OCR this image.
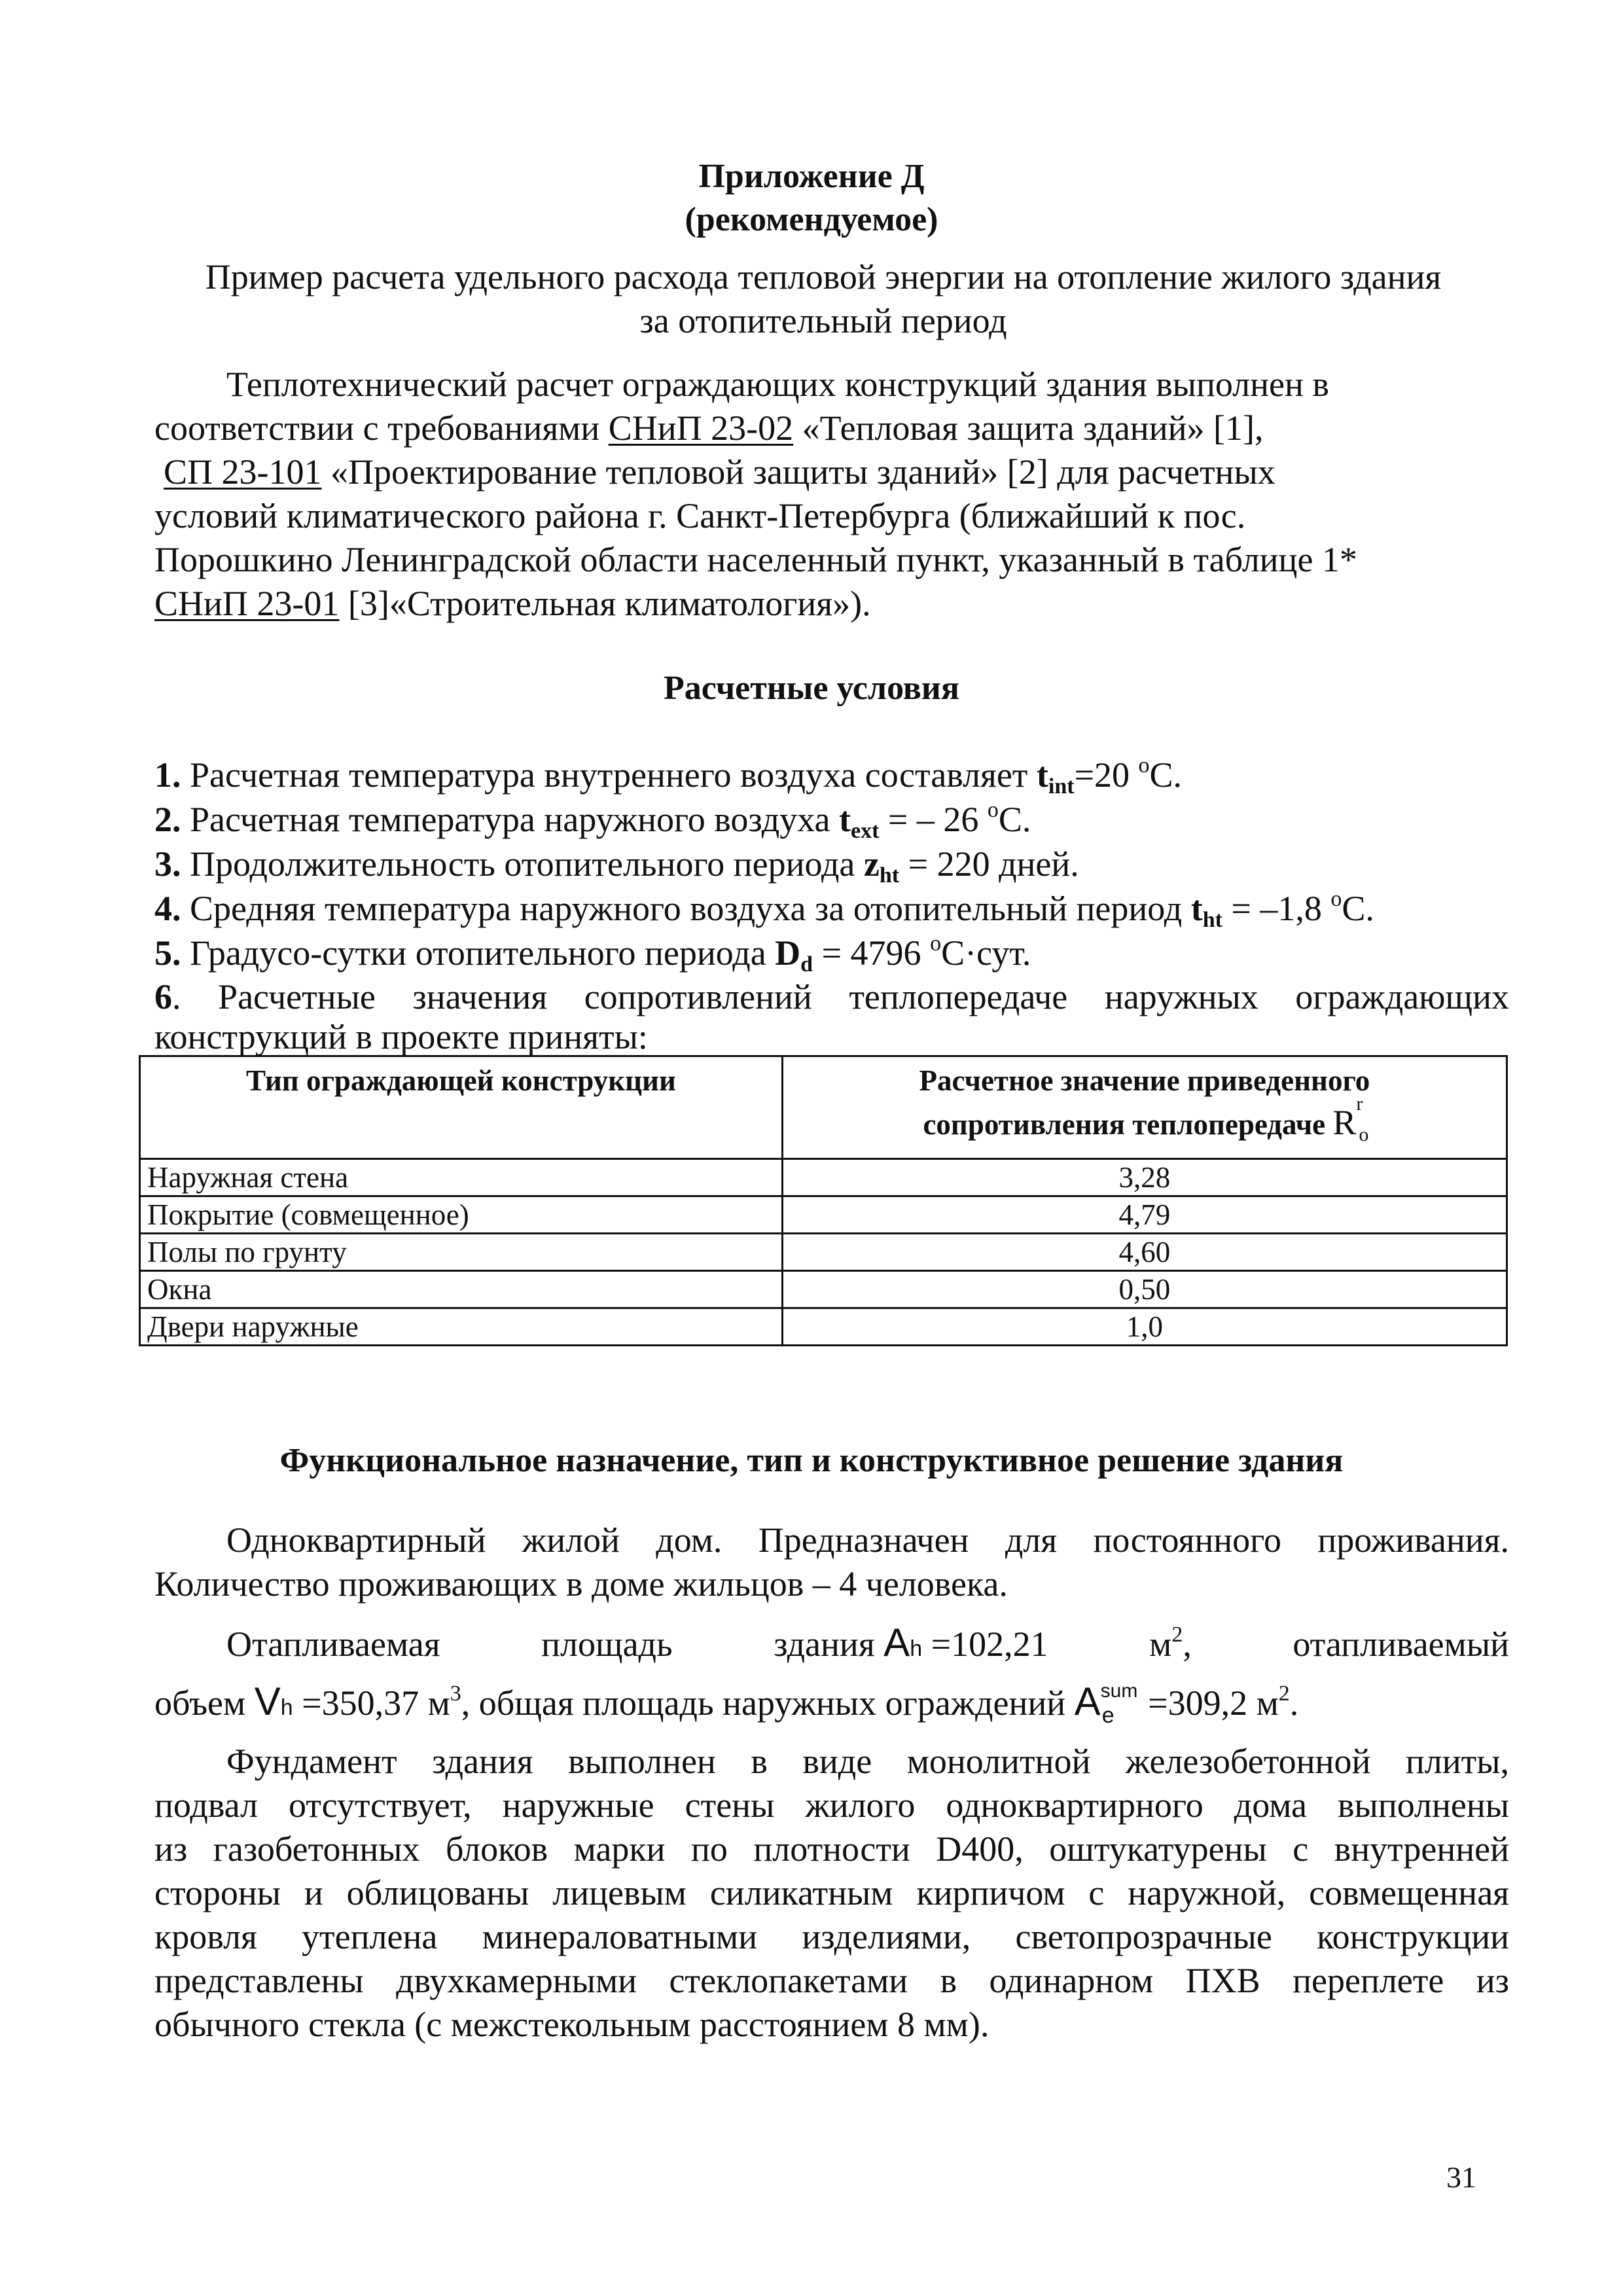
Приложение Д
(рекомендуемое)
Пример расчета удельного расхода тепловой энергии на отопление жилого здания
за отопительный период
Теплотехнический расчет ограждающих конструкций здания выполнен в
соответствии с требованиями СНиП 23-02 «Тепловая защита зданий» [1],
СП 23-101 «Проектирование тепловой защиты зданий» [2] для расчетных
условий климатического района г. Санкт-Петербурга (ближайший к пос.
Порошкино Ленинградской области населенный пункт, указанный в таблице 1*
СНиП 23-01 [3]«Строительная климатология»).
Расчетные условия
1. Расчетная температура внутреннего воздуха составляет $t_{int}=20$ $^o$С.
2. Расчетная температура наружного воздуха $t_{ext}$ = – 26 $^o$С.
3. Продолжительность отопительного периода $z_{ht} = 220$ дней.
4. Средняя температура наружного воздуха за отопительный период $t_{ht} = -1,8$ $^o$С.
5. Градусо-сутки отопительного периода $D_d = 4796$ $^o$С·сут.
6. Расчетные значения сопротивлений теплопередаче наружных ограждающих
конструкций в проекте приняты:
Тип ограждающей конструкции	Расчетное значение приведенного
сопротивления теплопередаче R r
o

Наружная стена	3,28
Покрытие (совмещенное)	4,79
Полы по грунту	4,60
Окна	0,50
Двери наружные	1,0
Функциональное назначение, тип и конструктивное решение здания
Одноквартирный жилой дом. Предназначен для постоянного проживания.
Количество проживающих в доме жильцов – 4 человека.
Отапливаемая	площадь	здания Ah =102,21	$м^2$,	отапливаемый
объем Vh =350,37 $м^3$, общая площадь наружных ограждений A sum
$_e$ =309,2 $м^2$.
Фундамент здания выполнен в виде монолитной железобетонной плиты,
подвал отсутствует, наружные стены жилого одноквартирного дома выполнены
из газобетонных блоков марки по плотности D400, оштукатурены с внутренней
стороны и облицованы лицевым силикатным кирпичом с наружной, совмещенная
кровля утеплена минераловатными изделиями, светопрозрачные конструкции
представлены двухкамерными стеклопакетами в одинарном ПХВ переплете из
обычного стекла (с межстекольным расстоянием 8 мм).
31
